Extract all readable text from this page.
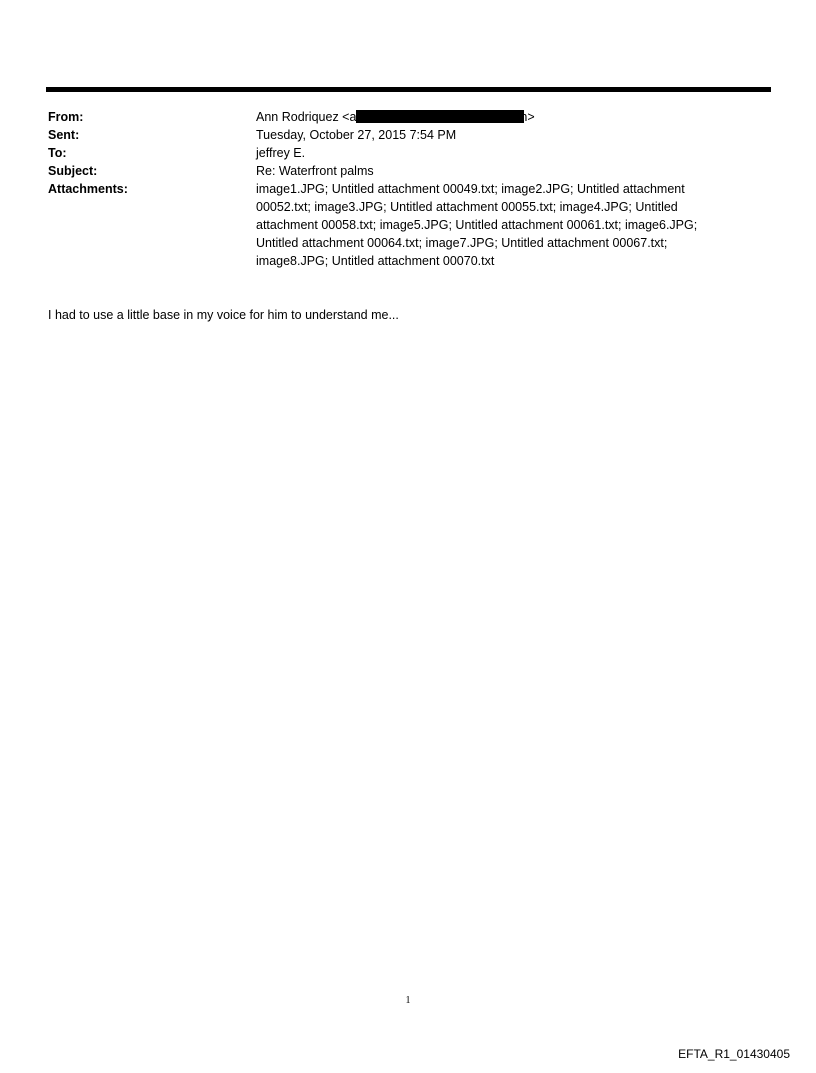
From:	Ann Rodriquez <a	n>
Sent:	Tuesday, October 27, 2015 7:54 PM
To:	jeffrey E.
Subject:	Re: Waterfront palms
Attachments:	image1.JPG; Untitled attachment 00049.txt; image2.JPG; Untitled attachment 00052.txt; image3.JPG; Untitled attachment 00055.txt; image4.JPG; Untitled attachment 00058.txt; image5.JPG; Untitled attachment 00061.txt; image6.JPG; Untitled attachment 00064.txt; image7.JPG; Untitled attachment 00067.txt; image8.JPG; Untitled attachment 00070.txt
I had to use a little base in my voice for him to understand me...
1
EFTA_R1_01430405
